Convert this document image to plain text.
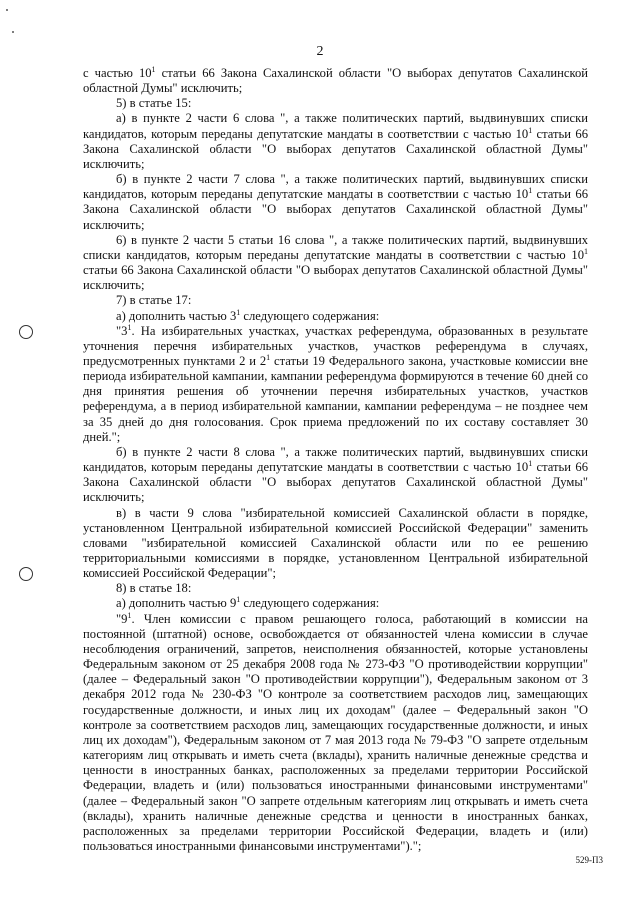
2

с частью $10^1$ статьи 66 Закона Сахалинской области "О выборах депутатов Сахалинской областной Думы" исключить;

5) в статье 15:

а) в пункте 2 части 6 слова ", а также политических партий, выдвинувших списки кандидатов, которым переданы депутатские мандаты в соответствии с частью $10^1$ статьи 66 Закона Сахалинской области "О выборах депутатов Сахалинской областной Думы" исключить;

б) в пункте 2 части 7 слова ", а также политических партий, выдвинувших списки кандидатов, которым переданы депутатские мандаты в соответствии с частью $10^1$ статьи 66 Закона Сахалинской области "О выборах депутатов Сахалинской областной Думы" исключить;

6) в пункте 2 части 5 статьи 16 слова ", а также политических партий, выдвинувших списки кандидатов, которым переданы депутатские мандаты в соответствии с частью $10^1$ статьи 66 Закона Сахалинской области "О выборах депутатов Сахалинской областной Думы" исключить;

7) в статье 17:

а) дополнить частью $3^1$ следующего содержания:

"$3^1$. На избирательных участках, участках референдума, образованных в результате уточнения перечня избирательных участков, участков референдума в случаях, предусмотренных пунктами 2 и $2^1$ статьи 19 Федерального закона, участковые комиссии вне периода избирательной кампании, кампании референдума формируются в течение 60 дней со дня принятия решения об уточнении перечня избирательных участков, участков референдума, а в период избирательной кампании, кампании референдума – не позднее чем за 35 дней до дня голосования. Срок приема предложений по их составу составляет 30 дней.";

б) в пункте 2 части 8 слова ", а также политических партий, выдвинувших списки кандидатов, которым переданы депутатские мандаты в соответствии с частью $10^1$ статьи 66 Закона Сахалинской области "О выборах депутатов Сахалинской областной Думы" исключить;

в) в части 9 слова "избирательной комиссией Сахалинской области в порядке, установленном Центральной избирательной комиссией Российской Федерации" заменить словами "избирательной комиссией Сахалинской области или по ее решению территориальными комиссиями в порядке, установленном Центральной избирательной комиссией Российской Федерации";

8) в статье 18:

а) дополнить частью $9^1$ следующего содержания:

"$9^1$. Член комиссии с правом решающего голоса, работающий в комиссии на постоянной (штатной) основе, освобождается от обязанностей члена комиссии в случае несоблюдения ограничений, запретов, неисполнения обязанностей, которые установлены Федеральным законом от 25 декабря 2008 года № 273-ФЗ "О противодействии коррупции" (далее – Федеральный закон "О противодействии коррупции"), Федеральным законом от 3 декабря 2012 года № 230-ФЗ "О контроле за соответствием расходов лиц, замещающих государственные должности, и иных лиц их доходам" (далее – Федеральный закон "О контроле за соответствием расходов лиц, замещающих государственные должности, и иных лиц их доходам"), Федеральным законом от 7 мая 2013 года № 79-ФЗ "О запрете отдельным категориям лиц открывать и иметь счета (вклады), хранить наличные денежные средства и ценности в иностранных банках, расположенных за пределами территории Российской Федерации, владеть и (или) пользоваться иностранными финансовыми инструментами" (далее – Федеральный закон "О запрете отдельным категориям лиц открывать и иметь счета (вклады), хранить наличные денежные средства и ценности в иностранных банках, расположенных за пределами территории Российской Федерации, владеть и (или) пользоваться иностранными финансовыми инструментами").";

529-П3
